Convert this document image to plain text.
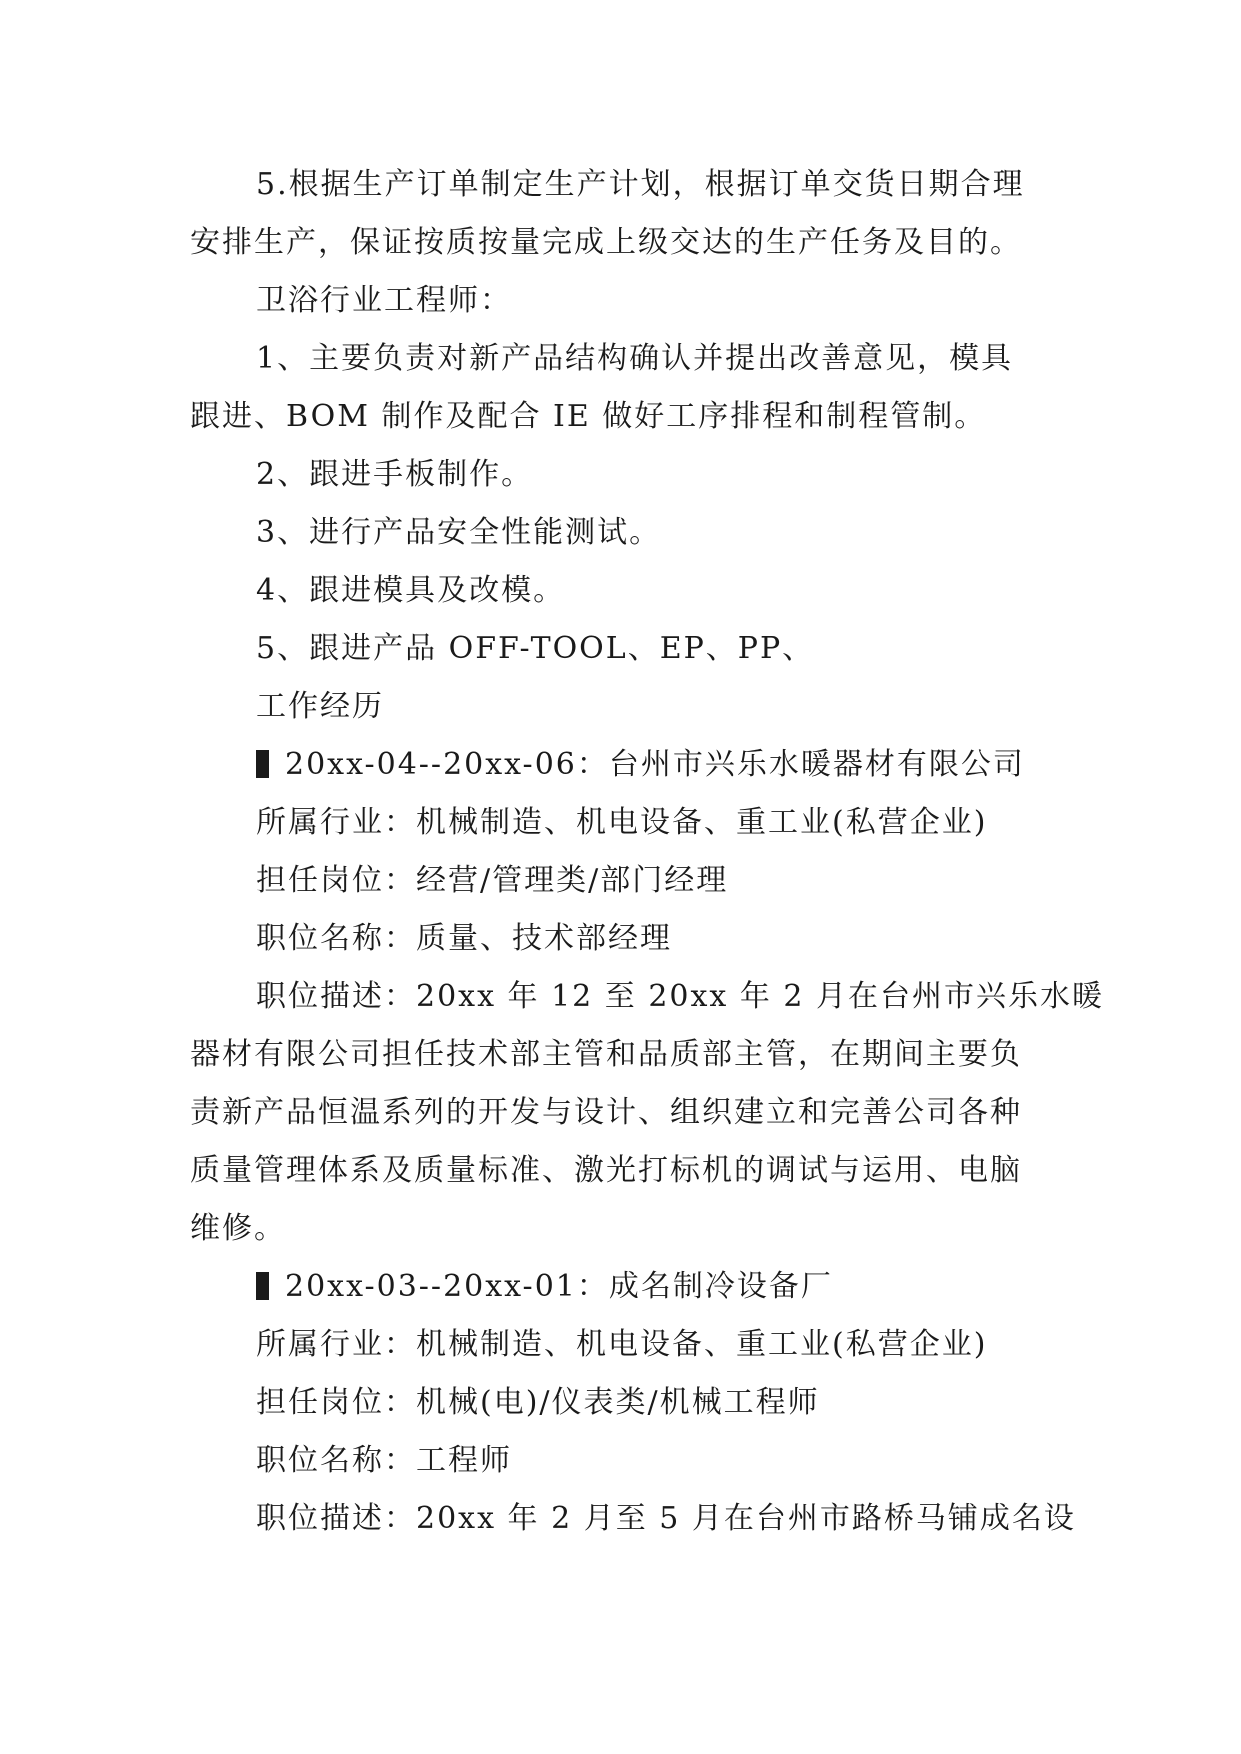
5.根据生产订单制定生产计划，根据订单交货日期合理
安排生产，保证按质按量完成上级交达的生产任务及目的。
卫浴行业工程师：
1、主要负责对新产品结构确认并提出改善意见，模具
跟进、BOM 制作及配合 IE 做好工序排程和制程管制。
2、跟进手板制作。
3、进行产品安全性能测试。
4、跟进模具及改模。
5、跟进产品 OFF-TOOL、EP、PP、
工作经历
20xx-04--20xx-06：台州市兴乐水暖器材有限公司
所属行业：机械制造、机电设备、重工业(私营企业)
担任岗位：经营/管理类/部门经理
职位名称：质量、技术部经理
职位描述：20xx 年 12 至 20xx 年 2 月在台州市兴乐水暖
器材有限公司担任技术部主管和品质部主管，在期间主要负
责新产品恒温系列的开发与设计、组织建立和完善公司各种
质量管理体系及质量标准、激光打标机的调试与运用、电脑
维修。
20xx-03--20xx-01：成名制冷设备厂
所属行业：机械制造、机电设备、重工业(私营企业)
担任岗位：机械(电)/仪表类/机械工程师
职位名称：工程师
职位描述：20xx 年 2 月至 5 月在台州市路桥马铺成名设
